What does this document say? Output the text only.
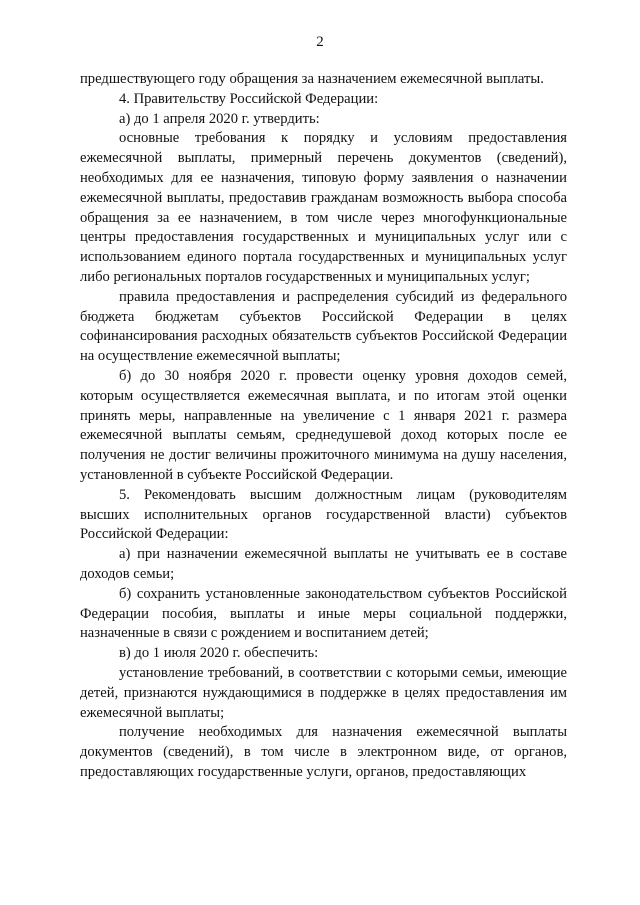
2

предшествующего году обращения за назначением ежемесячной выплаты.

4. Правительству Российской Федерации:

а) до 1 апреля 2020 г. утвердить:

основные требования к порядку и условиям предоставления ежемесячной выплаты, примерный перечень документов (сведений), необходимых для ее назначения, типовую форму заявления о назначении ежемесячной выплаты, предоставив гражданам возможность выбора способа обращения за ее назначением, в том числе через многофункциональные центры предоставления государственных и муниципальных услуг или с использованием единого портала государственных и муниципальных услуг либо региональных порталов государственных и муниципальных услуг;

правила предоставления и распределения субсидий из федерального бюджета бюджетам субъектов Российской Федерации в целях софинансирования расходных обязательств субъектов Российской Федерации на осуществление ежемесячной выплаты;

б) до 30 ноября 2020 г. провести оценку уровня доходов семей, которым осуществляется ежемесячная выплата, и по итогам этой оценки принять меры, направленные на увеличение с 1 января 2021 г. размера ежемесячной выплаты семьям, среднедушевой доход которых после ее получения не достиг величины прожиточного минимума на душу населения, установленной в субъекте Российской Федерации.

5. Рекомендовать высшим должностным лицам (руководителям высших исполнительных органов государственной власти) субъектов Российской Федерации:

а) при назначении ежемесячной выплаты не учитывать ее в составе доходов семьи;

б) сохранить установленные законодательством субъектов Российской Федерации пособия, выплаты и иные меры социальной поддержки, назначенные в связи с рождением и воспитанием детей;

в) до 1 июля 2020 г. обеспечить:

установление требований, в соответствии с которыми семьи, имеющие детей, признаются нуждающимися в поддержке в целях предоставления им ежемесячной выплаты;

получение необходимых для назначения ежемесячной выплаты документов (сведений), в том числе в электронном виде, от органов, предоставляющих государственные услуги, органов, предоставляющих
